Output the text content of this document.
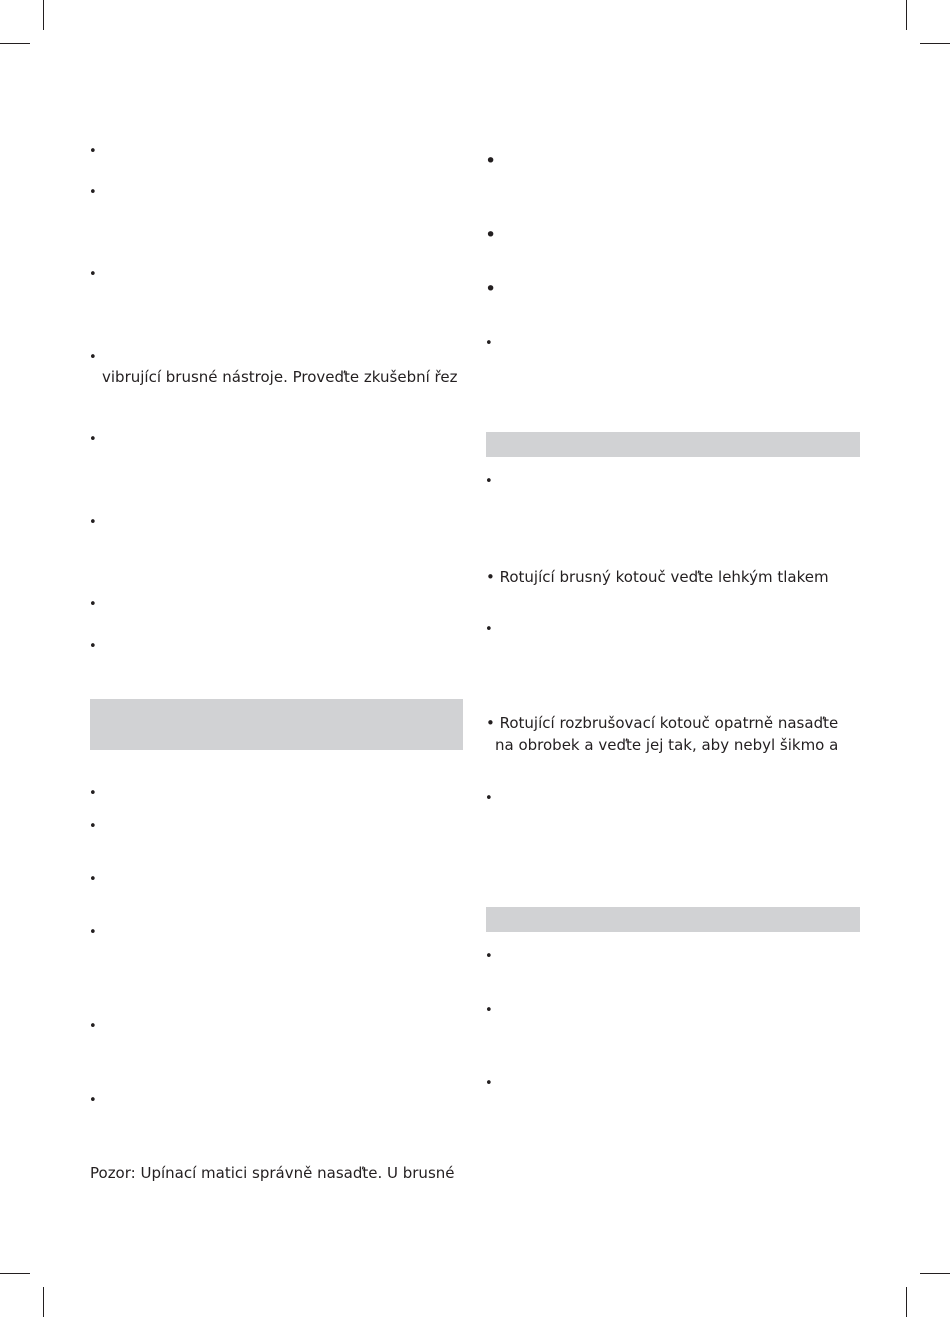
•
•
•
•
vibrující brusné nástroje. Proveďte zkušební řez
•
•
•
•
•
•
•
•
•
•
Pozor: Upínací matici správně nasaďte. U brusné
•
•
•
•
•
• Rotující brusný kotouč veďte lehkým tlakem
•
• Rotující rozbrušovací kotouč opatrně nasaďte
na obrobek a veďte jej tak, aby nebyl šikmo a
•
•
•
•
